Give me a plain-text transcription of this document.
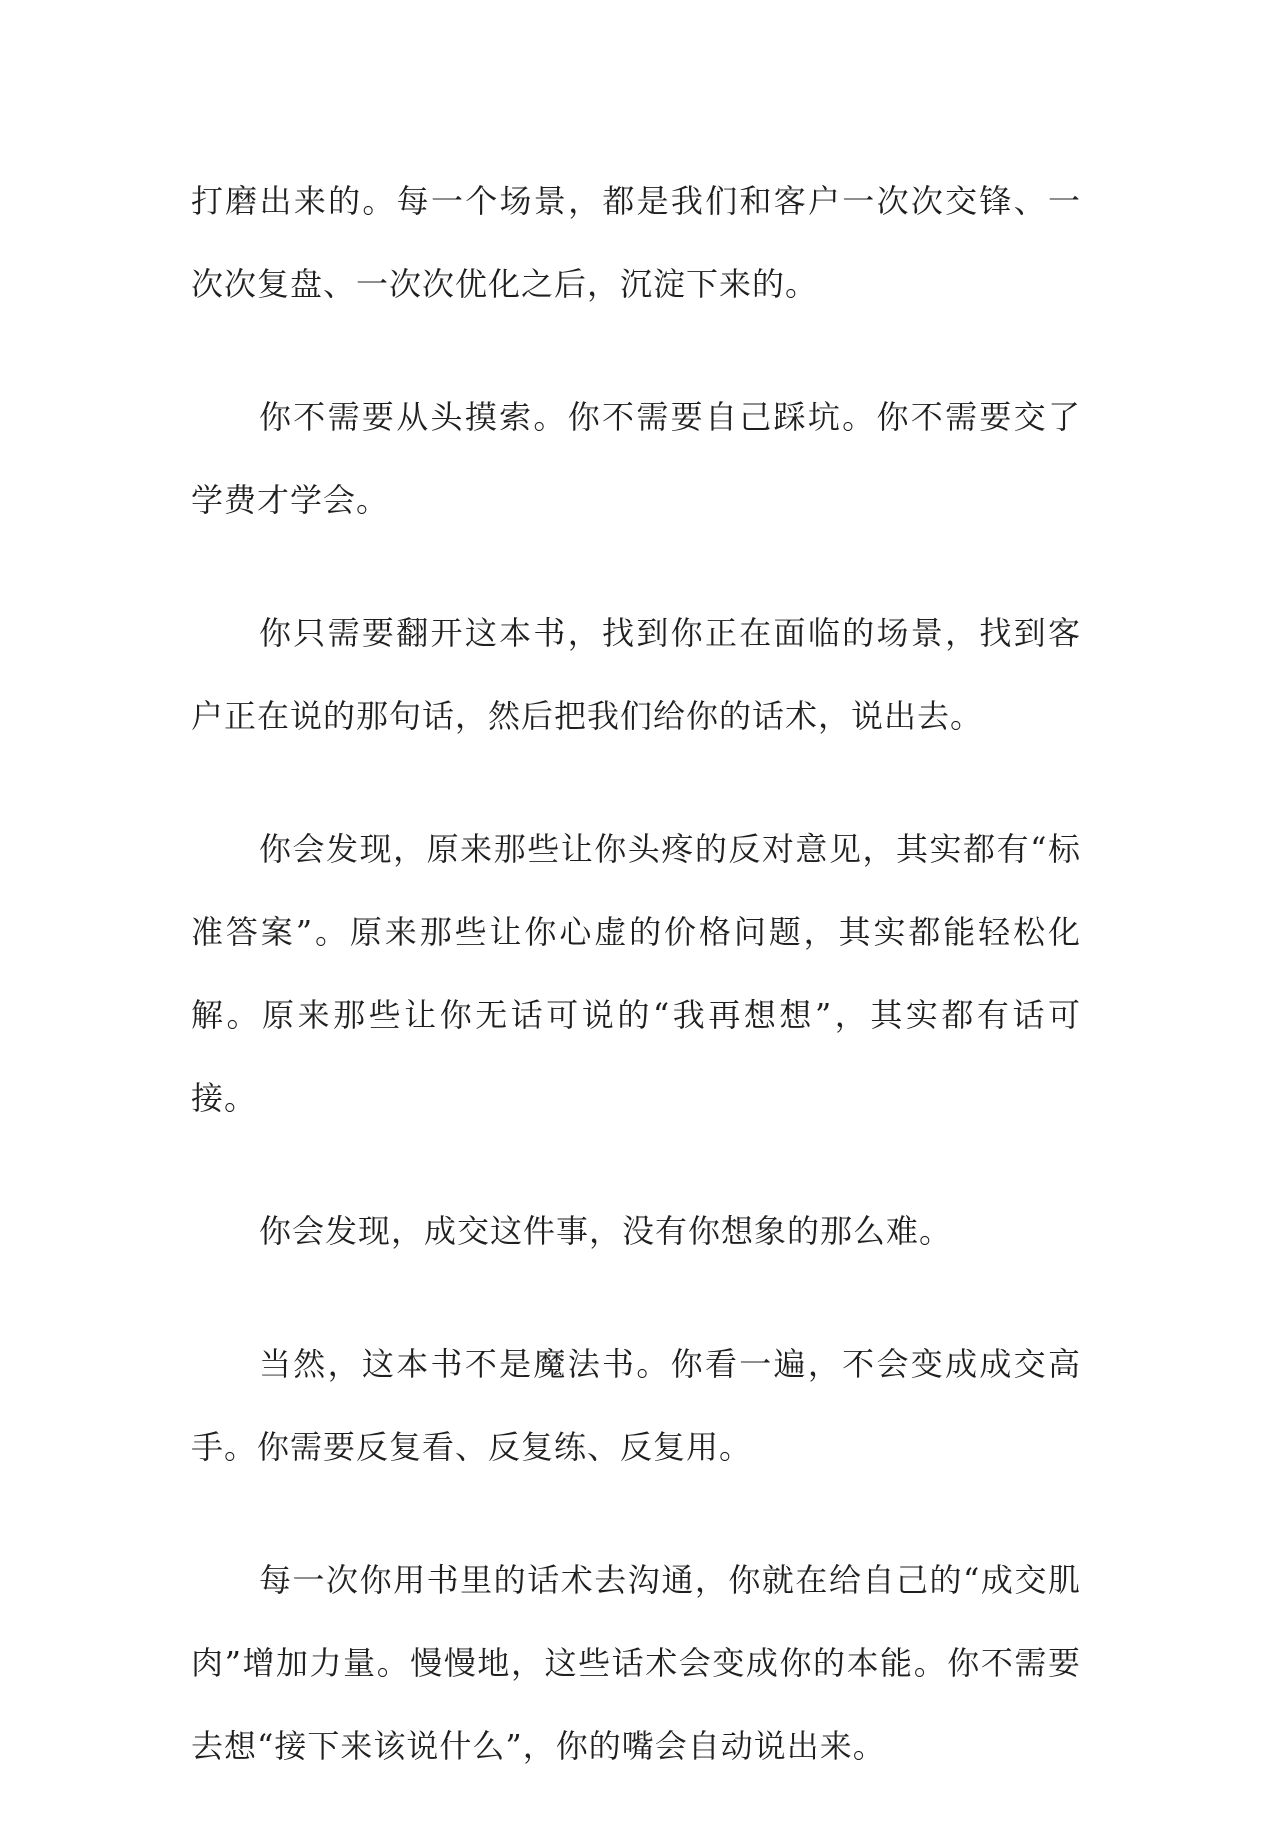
打磨出来的。每一个场景，都是我们和客户一次次交锋、一次次复盘、一次次优化之后，沉淀下来的。

你不需要从头摸索。你不需要自己踩坑。你不需要交了学费才学会。

你只需要翻开这本书，找到你正在面临的场景，找到客户正在说的那句话，然后把我们给你的话术，说出去。

你会发现，原来那些让你头疼的反对意见，其实都有“标准答案”。原来那些让你心虚的价格问题，其实都能轻松化解。原来那些让你无话可说的“我再想想”，其实都有话可接。

你会发现，成交这件事，没有你想象的那么难。

当然，这本书不是魔法书。你看一遍，不会变成成交高手。你需要反复看、反复练、反复用。

每一次你用书里的话术去沟通，你就在给自己的“成交肌肉”增加力量。慢慢地，这些话术会变成你的本能。你不需要去想“接下来该说什么”，你的嘴会自动说出来。
